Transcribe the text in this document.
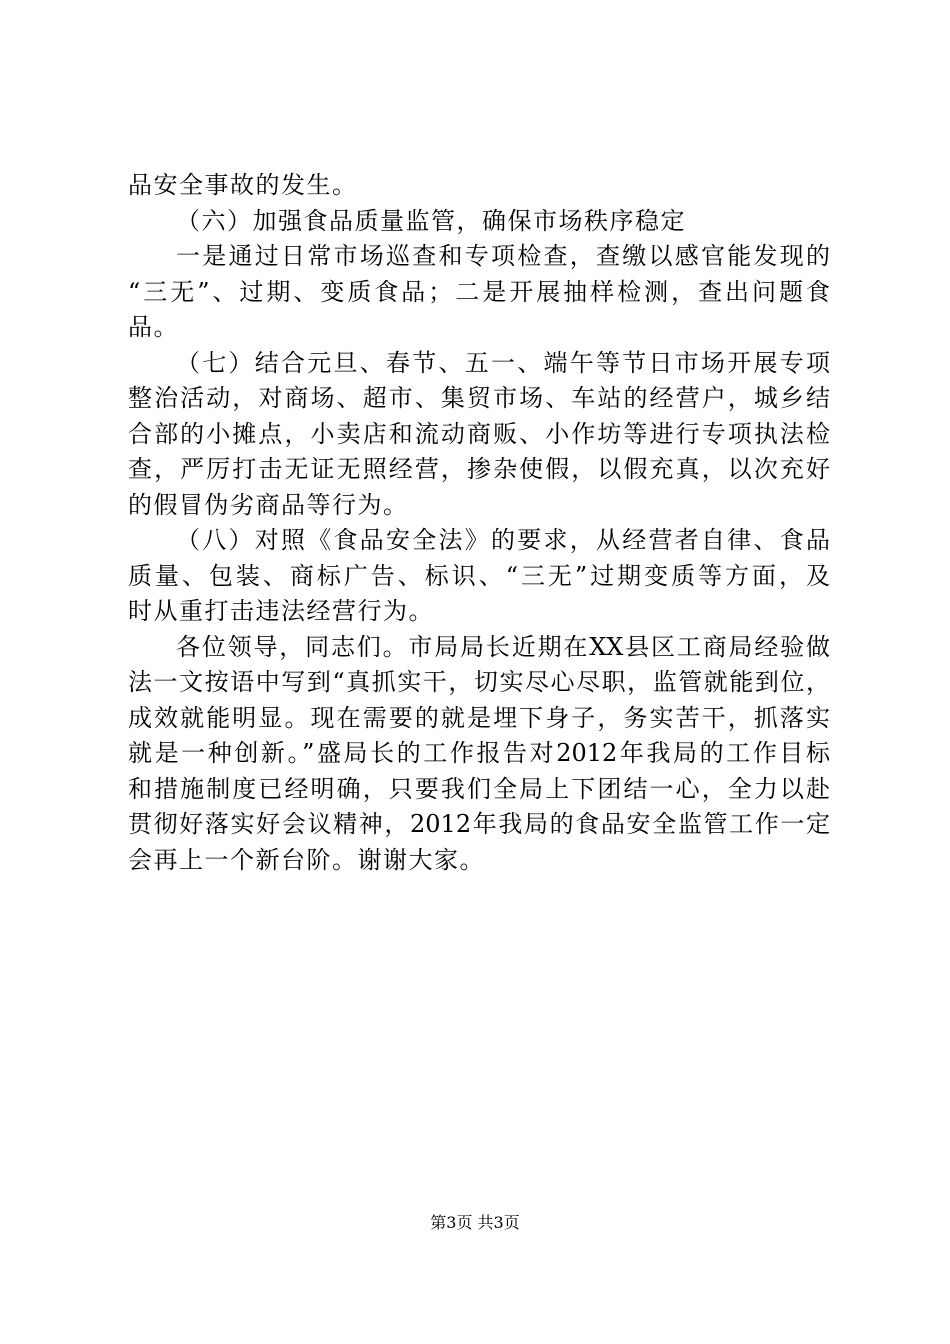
品安全事故的发生。
（六）加强食品质量监管，确保市场秩序稳定
一是通过日常市场巡查和专项检查，查缴以感官能发现的
“三无”、过期、变质食品；二是开展抽样检测，查出问题食
品。
（七）结合元旦、春节、五一、端午等节日市场开展专项
整治活动，对商场、超市、集贸市场、车站的经营户，城乡结
合部的小摊点，小卖店和流动商贩、小作坊等进行专项执法检
查，严厉打击无证无照经营，掺杂使假，以假充真，以次充好
的假冒伪劣商品等行为。
（八）对照《食品安全法》的要求，从经营者自律、食品
质量、包装、商标广告、标识、“三无”过期变质等方面，及
时从重打击违法经营行为。
各位领导，同志们。市局局长近期在XX县区工商局经验做
法一文按语中写到“真抓实干，切实尽心尽职，监管就能到位，
成效就能明显。现在需要的就是埋下身子，务实苦干，抓落实
就是一种创新。”盛局长的工作报告对2012年我局的工作目标
和措施制度已经明确，只要我们全局上下团结一心，全力以赴
贯彻好落实好会议精神，2012年我局的食品安全监管工作一定
会再上一个新台阶。谢谢大家。
第3页 共3页
